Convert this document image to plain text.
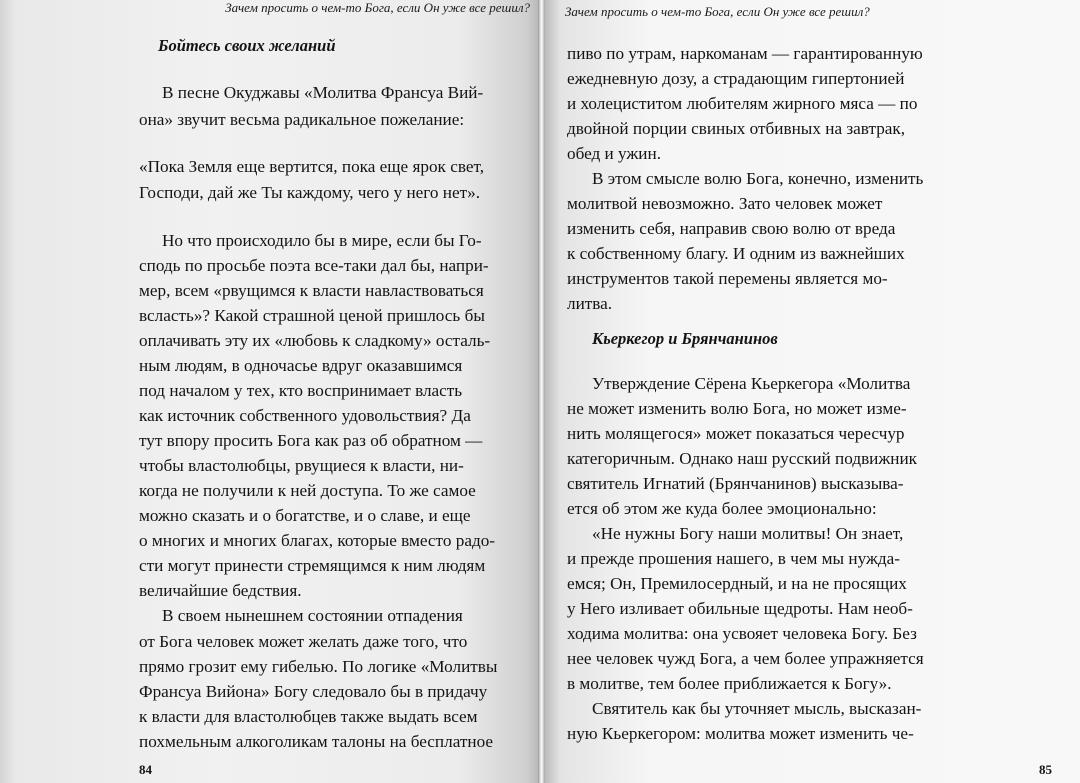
Зачем просить о чем-то Бога, если Он уже все решил?
Бойтесь своих желаний
В песне Окуджавы «Молитва Франсуа Вий-
она» звучит весьма радикальное пожелание:
«Пока Земля еще вертится, пока еще ярок свет,
Господи, дай же Ты каждому, чего у него нет».
Но что происходило бы в мире, если бы Го-
сподь по просьбе поэта все-таки дал бы, напри-
мер, всем «рвущимся к власти навластвоваться
всласть»? Какой страшной ценой пришлось бы
оплачивать эту их «любовь к сладкому» осталь-
ным людям, в одночасье вдруг оказавшимся
под началом у тех, кто воспринимает власть
как источник собственного удовольствия? Да
тут впору просить Бога как раз об обратном —
чтобы властолюбцы, рвущиеся к власти, ни-
когда не получили к ней доступа. То же самое
можно сказать и о богатстве, и о славе, и еще
о многих и многих благах, которые вместо радо-
сти могут принести стремящимся к ним людям
величайшие бедствия.
В своем нынешнем состоянии отпадения
от Бога человек может желать даже того, что
прямо грозит ему гибелью. По логике «Молитвы
Франсуа Вийона» Богу следовало бы в придачу
к власти для властолюбцев также выдать всем
похмельным алкоголикам талоны на бесплатное
84
Зачем просить о чем-то Бога, если Он уже все решил?
пиво по утрам, наркоманам — гарантированную
ежедневную дозу, а страдающим гипертонией
и холециститом любителям жирного мяса — по
двойной порции свиных отбивных на завтрак,
обед и ужин.
В этом смысле волю Бога, конечно, изменить
молитвой невозможно. Зато человек может
изменить себя, направив свою волю от вреда
к собственному благу. И одним из важнейших
инструментов такой перемены является мо-
литва.
Кьеркегор и Брянчанинов
Утверждение Сёрена Кьеркегора «Молитва
не может изменить волю Бога, но может изме-
нить молящегося» может показаться чересчур
категоричным. Однако наш русский подвижник
святитель Игнатий (Брянчанинов) высказыва-
ется об этом же куда более эмоционально:
«Не нужны Богу наши молитвы! Он знает,
и прежде прошения нашего, в чем мы нужда-
емся; Он, Премилосердный, и на не просящих
у Него изливает обильные щедроты. Нам необ-
ходима молитва: она усвояет человека Богу. Без
нее человек чужд Бога, а чем более упражняется
в молитве, тем более приближается к Богу».
Святитель как бы уточняет мысль, высказан-
ную Кьеркегором: молитва может изменить че-
85
